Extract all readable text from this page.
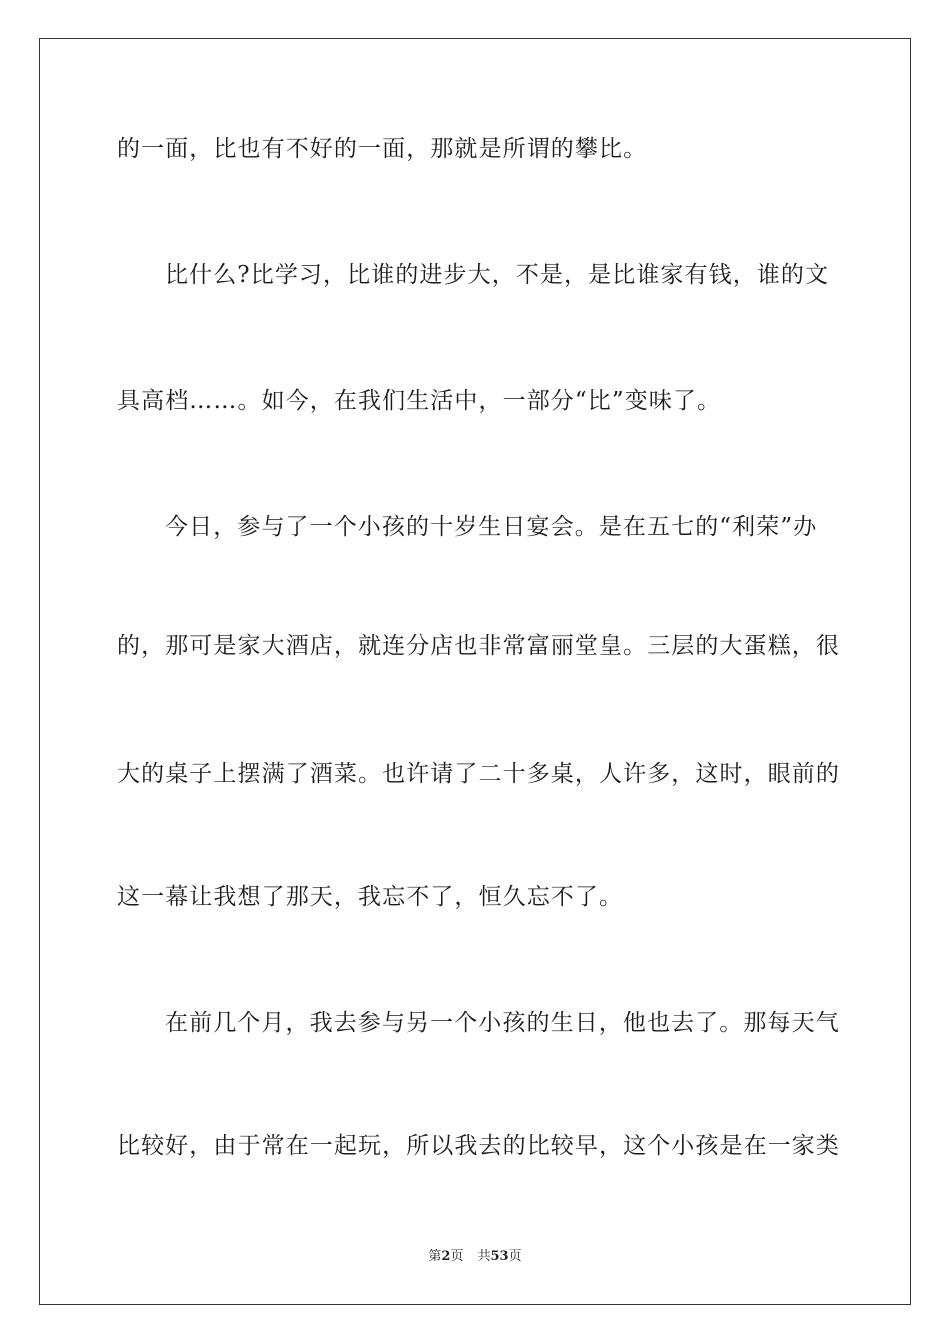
的一面，比也有不好的一面，那就是所谓的攀比。
比什么?比学习，比谁的进步大，不是，是比谁家有钱，谁的文
具高档……。如今，在我们生活中，一部分“比”变味了。
今日，参与了一个小孩的十岁生日宴会。是在五七的“利荣”办
的，那可是家大酒店，就连分店也非常富丽堂皇。三层的大蛋糕，很
大的桌子上摆满了酒菜。也许请了二十多桌，人许多，这时，眼前的
这一幕让我想了那天，我忘不了，恒久忘不了。
在前几个月，我去参与另一个小孩的生日，他也去了。那每天气
比较好，由于常在一起玩，所以我去的比较早，这个小孩是在一家类
第2页 共53页
